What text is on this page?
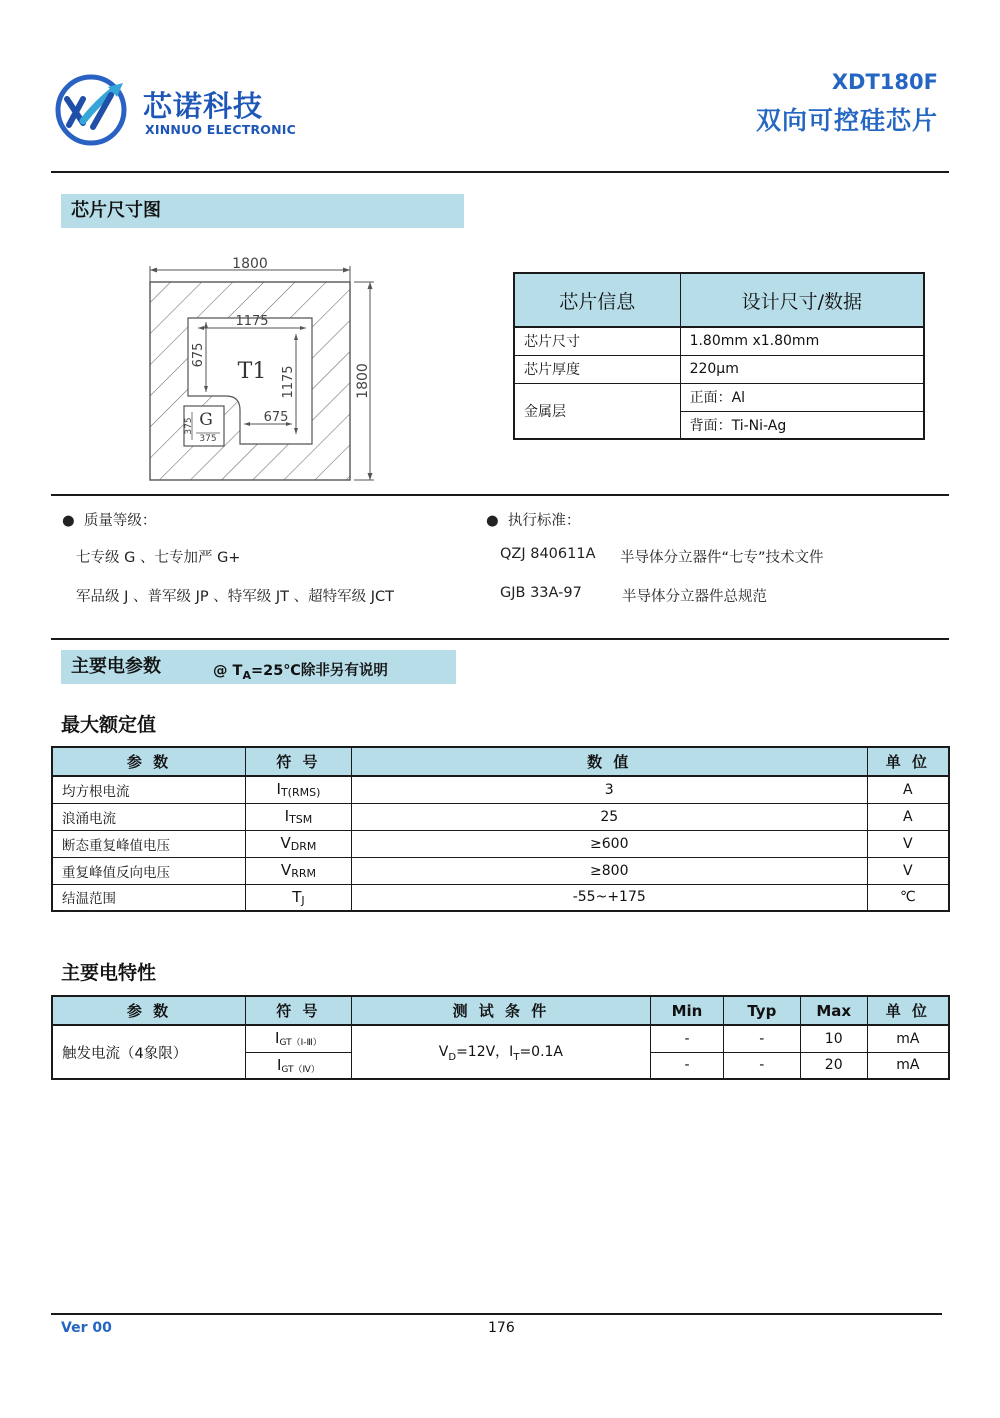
芯诺科技
XINNUO ELECTRONIC
XDT180F
双向可控硅芯片
芯片尺寸图
1800
1800
1175
675
1175
675
T1
G
375
375
芯片信息	设计尺寸/数据
芯片尺寸	1.80mm x1.80mm
芯片厚度	220μm
金属层	正面：Al
	背面：Ti-Ni-Ag
●  质量等级：
七专级 G 、七专加严 G+
军品级 J 、普军级 JP 、特军级 JT 、超特军级 JCT
●  执行标准：
QZJ 840611A 半导体分立器件“七专”技术文件
GJB 33A-97	半导体分立器件总规范
主要电参数	@ $T_A=25℃$除非另有说明
最大额定值
参 数	符 号	数 值	单 位
均方根电流	$I_{T(RMS)}$	3	A
浪涌电流	$I_{TSM}$	25	A
断态重复峰值电压	$V_{DRM}$	≥600	V
重复峰值反向电压	$V_{RRM}$	≥800	V
结温范围	$T_J$	-55~+175	℃
主要电特性
参 数	符 号	测 试 条 件	Min	Typ	Max	单 位
触发电流（4象限）	$I_{GT(Ⅰ-Ⅲ)}$	$V_D=12V$，$I_T=0.1A$	-	-	10	mA
	$I_{GT(Ⅳ)}$		-	-	20	mA
Ver 00	176
